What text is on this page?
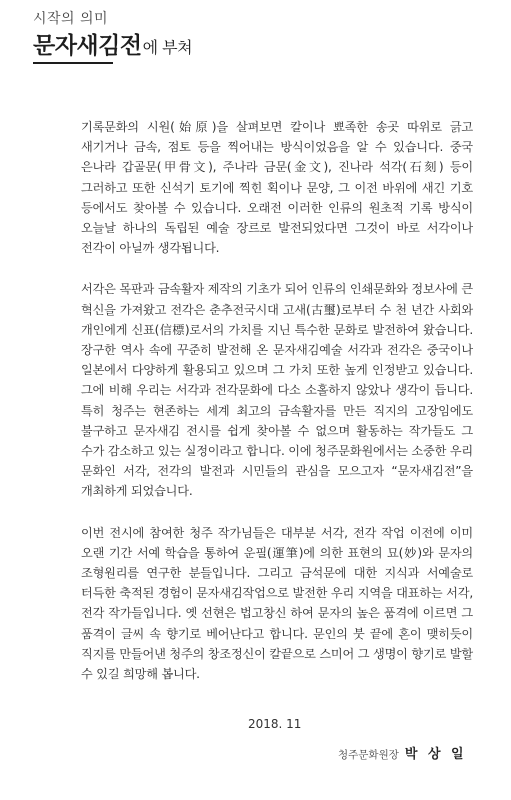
시작의 의미
문자새김전에 부쳐

기록문화의 시원(始原)을 살펴보면 칼이나 뾰족한 송곳 따위로 긁고 새기거나 금속, 점토 등을 찍어내는 방식이었음을 알 수 있습니다. 중국 은나라 갑골문(甲骨文), 주나라 금문(金文), 진나라 석각(石刻) 등이 그러하고 또한 신석기 토기에 찍힌 획이나 문양, 그 이전 바위에 새긴 기호 등에서도 찾아볼 수 있습니다. 오래전 이러한 인류의 원초적 기록 방식이 오늘날 하나의 독립된 예술 장르로 발전되었다면 그것이 바로 서각이나 전각이 아닐까 생각됩니다.

서각은 목판과 금속활자 제작의 기초가 되어 인류의 인쇄문화와 정보사에 큰 혁신을 가져왔고 전각은 춘추전국시대 고새(古璽)로부터 수 천 년간 사회와 개인에게 신표(信標)로서의 가치를 지닌 특수한 문화로 발전하여 왔습니다. 장구한 역사 속에 꾸준히 발전해 온 문자새김예술 서각과 전각은 중국이나 일본에서 다양하게 활용되고 있으며 그 가치 또한 높게 인정받고 있습니다. 그에 비해 우리는 서각과 전각문화에 다소 소홀하지 않았나 생각이 듭니다. 특히 청주는 현존하는 세계 최고의 금속활자를 만든 직지의 고장임에도 불구하고 문자새김 전시를 쉽게 찾아볼 수 없으며 활동하는 작가들도 그 수가 감소하고 있는 실정이라고 합니다. 이에 청주문화원에서는 소중한 우리 문화인 서각, 전각의 발전과 시민들의 관심을 모으고자 “문자새김전”을 개최하게 되었습니다.

이번 전시에 참여한 청주 작가님들은 대부분 서각, 전각 작업 이전에 이미 오랜 기간 서예 학습을 통하여 운필(運筆)에 의한 표현의 묘(妙)와 문자의 조형원리를 연구한 분들입니다. 그리고 금석문에 대한 지식과 서예술로 터득한 축적된 경험이 문자새김작업으로 발전한 우리 지역을 대표하는 서각, 전각 작가들입니다. 옛 선현은 법고창신 하여 문자의 높은 품격에 이르면 그 품격이 글씨 속 향기로 베어난다고 합니다. 문인의 붓 끝에 혼이 맺히듯이 직지를 만들어낸 청주의 창조정신이 칼끝으로 스미어 그 생명이 향기로 발할 수 있길 희망해 봅니다.

2018. 11
청주문화원장 박 상 일
